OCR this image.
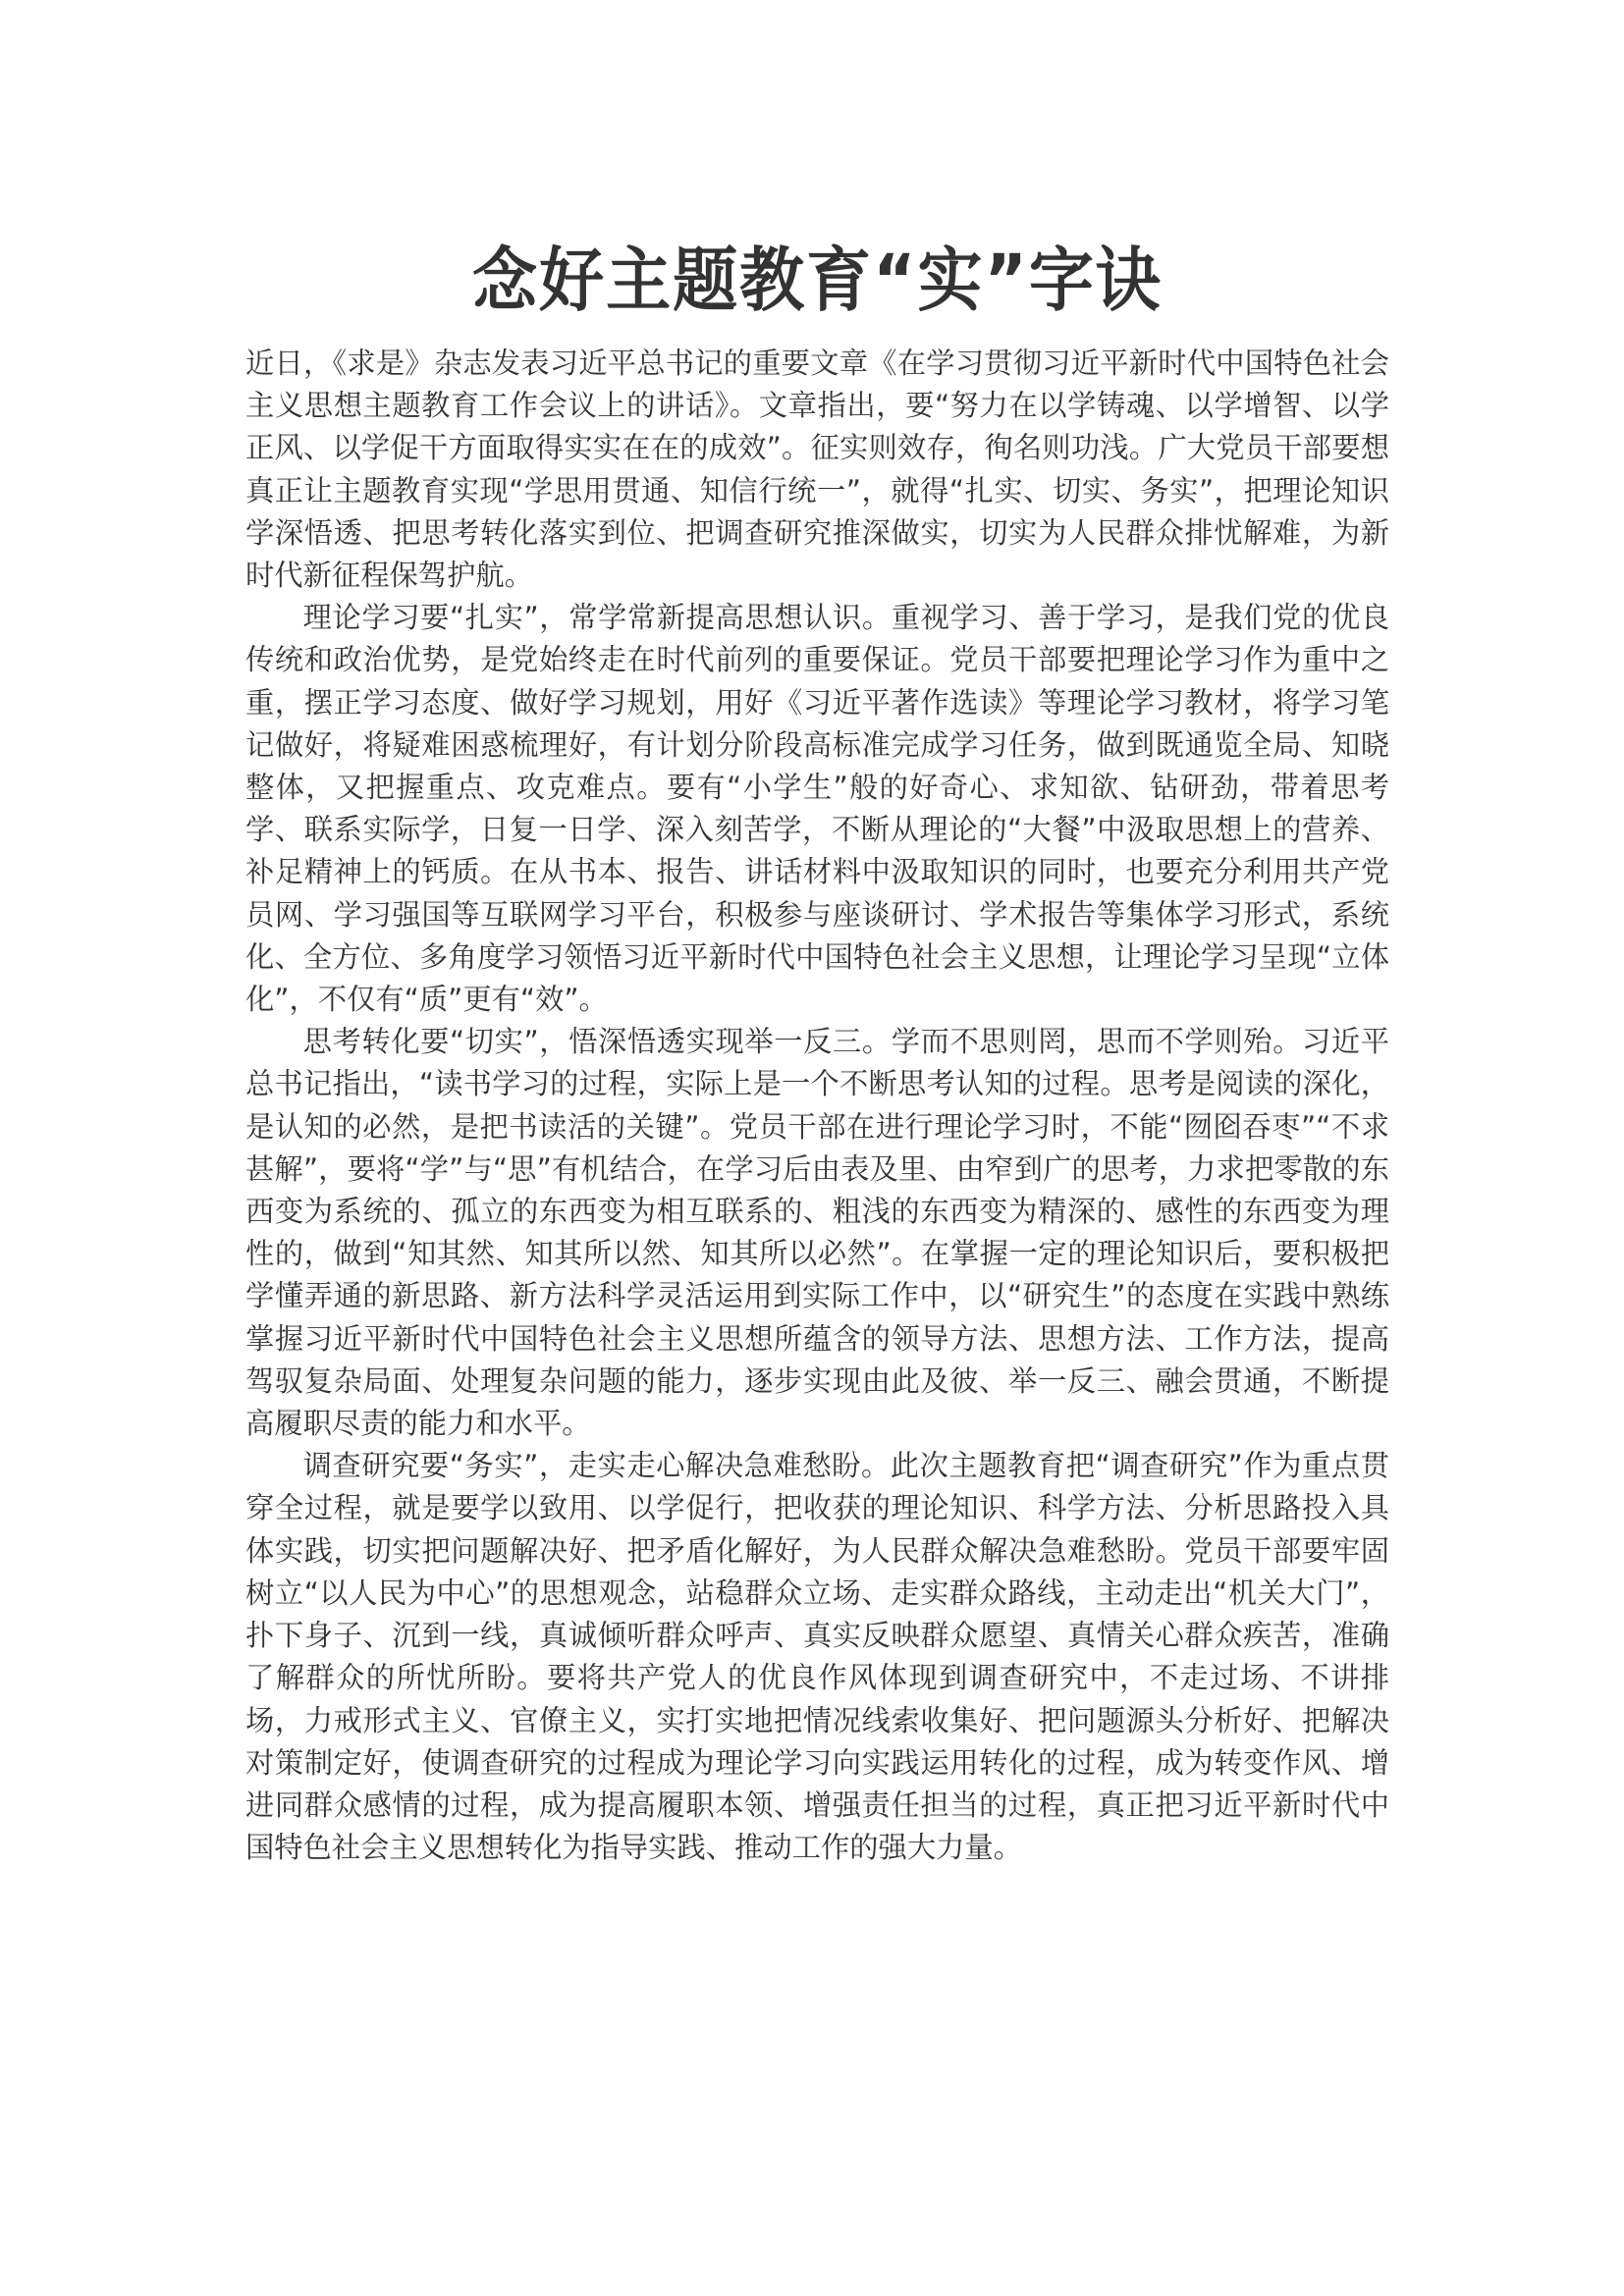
念好主题教育“实”字诀

近日，《求是》杂志发表习近平总书记的重要文章《在学习贯彻习近平新时代中国特色社会主义思想主题教育工作会议上的讲话》。文章指出，要“努力在以学铸魂、以学增智、以学正风、以学促干方面取得实实在在的成效”。征实则效存，徇名则功浅。广大党员干部要想真正让主题教育实现“学思用贯通、知信行统一”，就得“扎实、切实、务实”，把理论知识学深悟透、把思考转化落实到位、把调查研究推深做实，切实为人民群众排忧解难，为新时代新征程保驾护航。

理论学习要“扎实”，常学常新提高思想认识。重视学习、善于学习，是我们党的优良传统和政治优势，是党始终走在时代前列的重要保证。党员干部要把理论学习作为重中之重，摆正学习态度、做好学习规划，用好《习近平著作选读》等理论学习教材，将学习笔记做好，将疑难困惑梳理好，有计划分阶段高标准完成学习任务，做到既通览全局、知晓整体，又把握重点、攻克难点。要有“小学生”般的好奇心、求知欲、钻研劲，带着思考学、联系实际学，日复一日学、深入刻苦学，不断从理论的“大餐”中汲取思想上的营养、补足精神上的钙质。在从书本、报告、讲话材料中汲取知识的同时，也要充分利用共产党员网、学习强国等互联网学习平台，积极参与座谈研讨、学术报告等集体学习形式，系统化、全方位、多角度学习领悟习近平新时代中国特色社会主义思想，让理论学习呈现“立体化”，不仅有“质”更有“效”。

思考转化要“切实”，悟深悟透实现举一反三。学而不思则罔，思而不学则殆。习近平总书记指出，“读书学习的过程，实际上是一个不断思考认知的过程。思考是阅读的深化，是认知的必然，是把书读活的关键”。党员干部在进行理论学习时，不能“囫囵吞枣”“不求甚解”，要将“学”与“思”有机结合，在学习后由表及里、由窄到广的思考，力求把零散的东西变为系统的、孤立的东西变为相互联系的、粗浅的东西变为精深的、感性的东西变为理性的，做到“知其然、知其所以然、知其所以必然”。在掌握一定的理论知识后，要积极把学懂弄通的新思路、新方法科学灵活运用到实际工作中，以“研究生”的态度在实践中熟练掌握习近平新时代中国特色社会主义思想所蕴含的领导方法、思想方法、工作方法，提高驾驭复杂局面、处理复杂问题的能力，逐步实现由此及彼、举一反三、融会贯通，不断提高履职尽责的能力和水平。

调查研究要“务实”，走实走心解决急难愁盼。此次主题教育把“调查研究”作为重点贯穿全过程，就是要学以致用、以学促行，把收获的理论知识、科学方法、分析思路投入具体实践，切实把问题解决好、把矛盾化解好，为人民群众解决急难愁盼。党员干部要牢固树立“以人民为中心”的思想观念，站稳群众立场、走实群众路线，主动走出“机关大门”，扑下身子、沉到一线，真诚倾听群众呼声、真实反映群众愿望、真情关心群众疾苦，准确了解群众的所忧所盼。要将共产党人的优良作风体现到调查研究中，不走过场、不讲排场，力戒形式主义、官僚主义，实打实地把情况线索收集好、把问题源头分析好、把解决对策制定好，使调查研究的过程成为理论学习向实践运用转化的过程，成为转变作风、增进同群众感情的过程，成为提高履职本领、增强责任担当的过程，真正把习近平新时代中国特色社会主义思想转化为指导实践、推动工作的强大力量。
